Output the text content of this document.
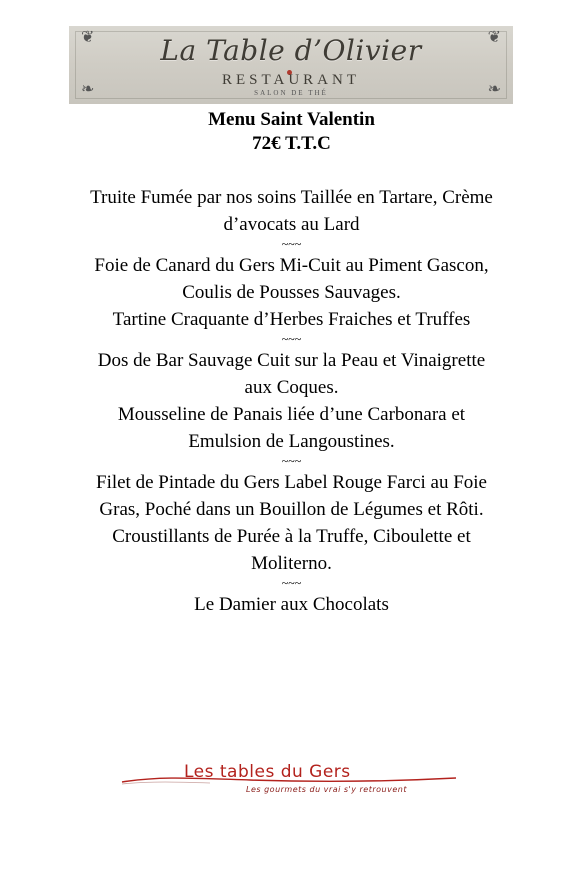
❦	❦
❧	❧
La Table d’Olivier
RESTAURANT
SALON DE THÉ
Menu Saint Valentin
72€ T.T.C

Truite Fumée par nos soins Taillée en Tartare, Crème

d’avocats au Lard

~~~

Foie de Canard du Gers Mi-Cuit au Piment Gascon,

Coulis de Pousses Sauvages.

Tartine Craquante d’Herbes Fraiches et Truffes

~~~

Dos de Bar Sauvage Cuit sur la Peau et Vinaigrette

aux Coques.

Mousseline de Panais liée d’une Carbonara et

Emulsion de Langoustines.

~~~

Filet de Pintade du Gers Label Rouge Farci au Foie

Gras, Poché dans un Bouillon de Légumes et Rôti.

Croustillants de Purée à la Truffe, Ciboulette et

Moliterno.

~~~

Le Damier aux Chocolats

Les tables du Gers
Les gourmets du vrai s'y retrouvent
